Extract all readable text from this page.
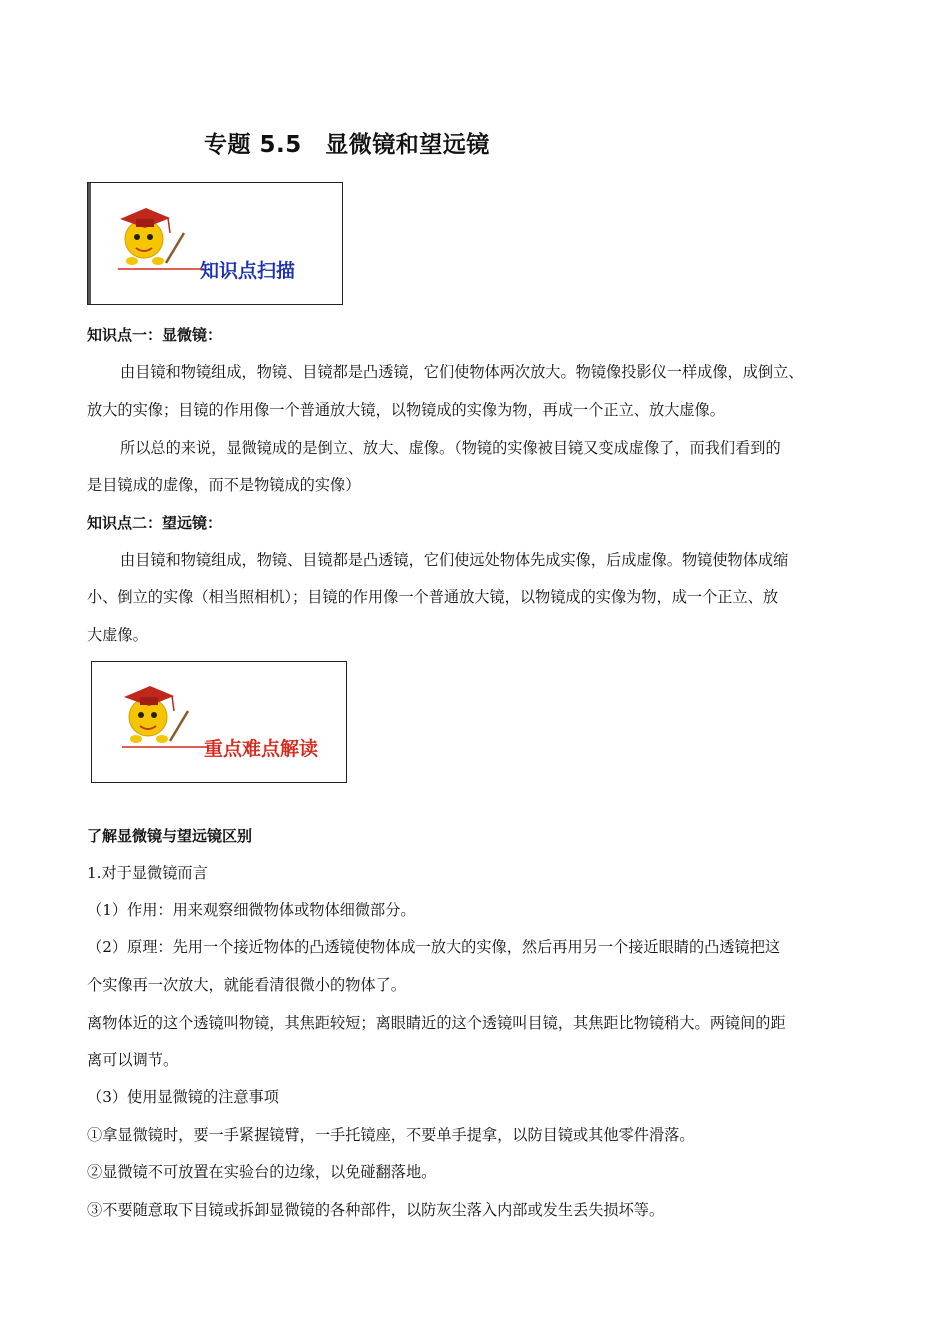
专题 5.5　显微镜和望远镜
知识点扫描
知识点一：显微镜：
由目镜和物镜组成，物镜、目镜都是凸透镜，它们使物体两次放大。物镜像投影仪一样成像，成倒立、
放大的实像；目镜的作用像一个普通放大镜，以物镜成的实像为物，再成一个正立、放大虚像。
所以总的来说，显微镜成的是倒立、放大、虚像。（物镜的实像被目镜又变成虚像了，而我们看到的
是目镜成的虚像，而不是物镜成的实像）
知识点二：望远镜：
由目镜和物镜组成，物镜、目镜都是凸透镜，它们使远处物体先成实像，后成虚像。物镜使物体成缩
小、倒立的实像（相当照相机）；目镜的作用像一个普通放大镜，以物镜成的实像为物，成一个正立、放
大虚像。
重点难点解读
了解显微镜与望远镜区别
1.对于显微镜而言
（1）作用：用来观察细微物体或物体细微部分。
（2）原理：先用一个接近物体的凸透镜使物体成一放大的实像，然后再用另一个接近眼睛的凸透镜把这
个实像再一次放大，就能看清很微小的物体了。
离物体近的这个透镜叫物镜，其焦距较短；离眼睛近的这个透镜叫目镜，其焦距比物镜稍大。两镜间的距
离可以调节。
（3）使用显微镜的注意事项
①拿显微镜时，要一手紧握镜臂，一手托镜座，不要单手提拿，以防目镜或其他零件滑落。
②显微镜不可放置在实验台的边缘，以免碰翻落地。
③不要随意取下目镜或拆卸显微镜的各种部件，以防灰尘落入内部或发生丢失损坏等。
